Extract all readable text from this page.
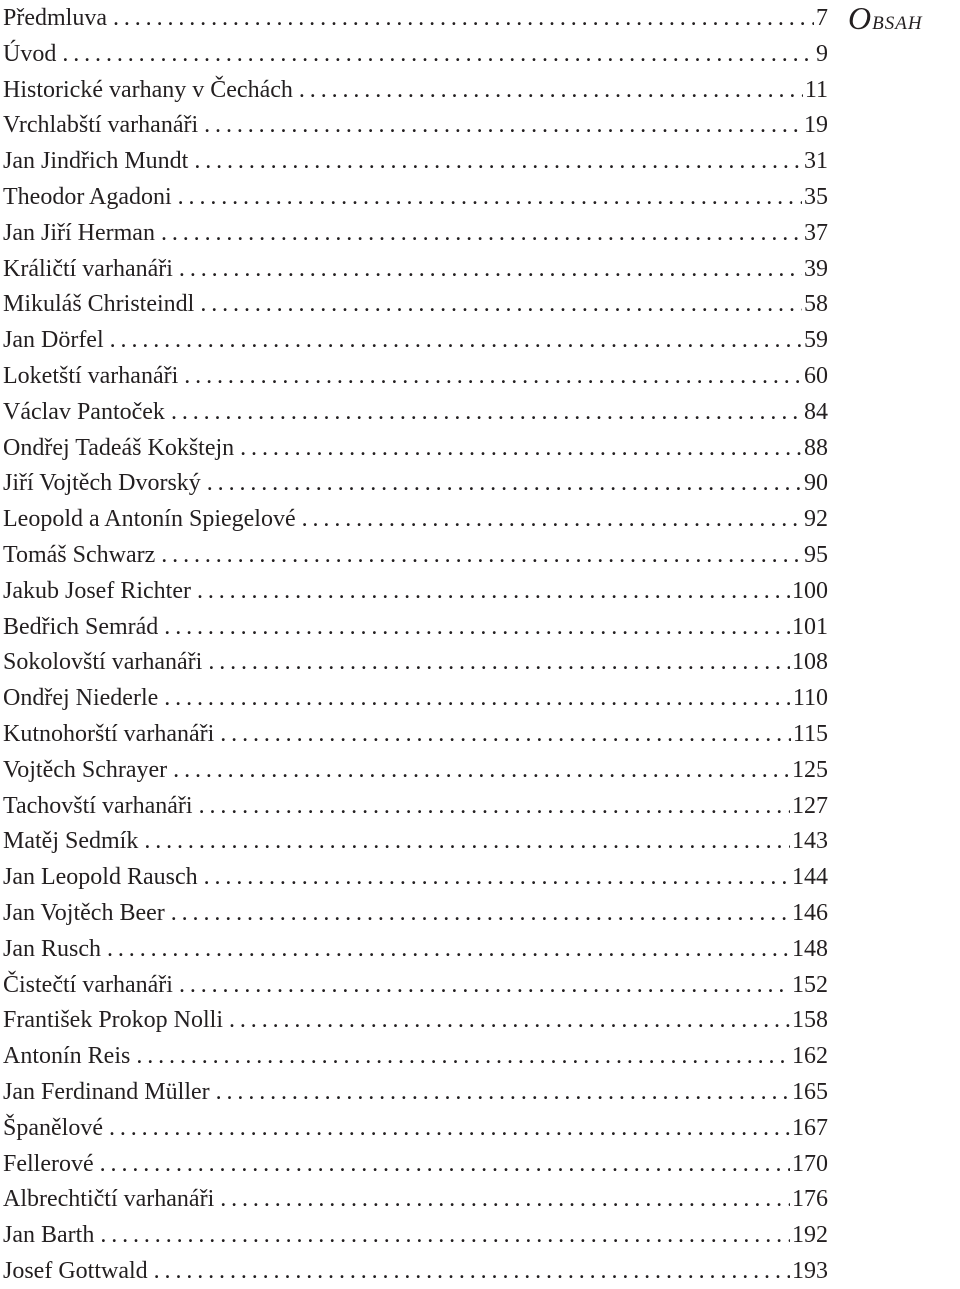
Obsah
Předmluva .....	7
Úvod .....	9
Historické varhany v Čechách .....	11
Vrchlabští varhanáři .....	19
Jan Jindřich Mundt .....	31
Theodor Agadoni .....	35
Jan Jiří Herman .....	37
Králičtí varhanáři .....	39
Mikuláš Christeindl .....	58
Jan Dörfel .....	59
Loketští varhanáři .....	60
Václav Pantoček .....	84
Ondřej Tadeáš Kokštejn .....	88
Jiří Vojtěch Dvorský .....	90
Leopold a Antonín Spiegelové .....	92
Tomáš Schwarz .....	95
Jakub Josef Richter .....	100
Bedřich Semrád .....	101
Sokolovští varhanáři .....	108
Ondřej Niederle .....	110
Kutnohorští varhanáři .....	115
Vojtěch Schrayer .....	125
Tachovští varhanáři .....	127
Matěj Sedmík .....	143
Jan Leopold Rausch .....	144
Jan Vojtěch Beer .....	146
Jan Rusch .....	148
Čistečtí varhanáři .....	152
František Prokop Nolli .....	158
Antonín Reis .....	162
Jan Ferdinand Müller .....	165
Španělové .....	167
Fellerové .....	170
Albrechtičtí varhanáři .....	176
Jan Barth .....	192
Josef Gottwald .....	193
